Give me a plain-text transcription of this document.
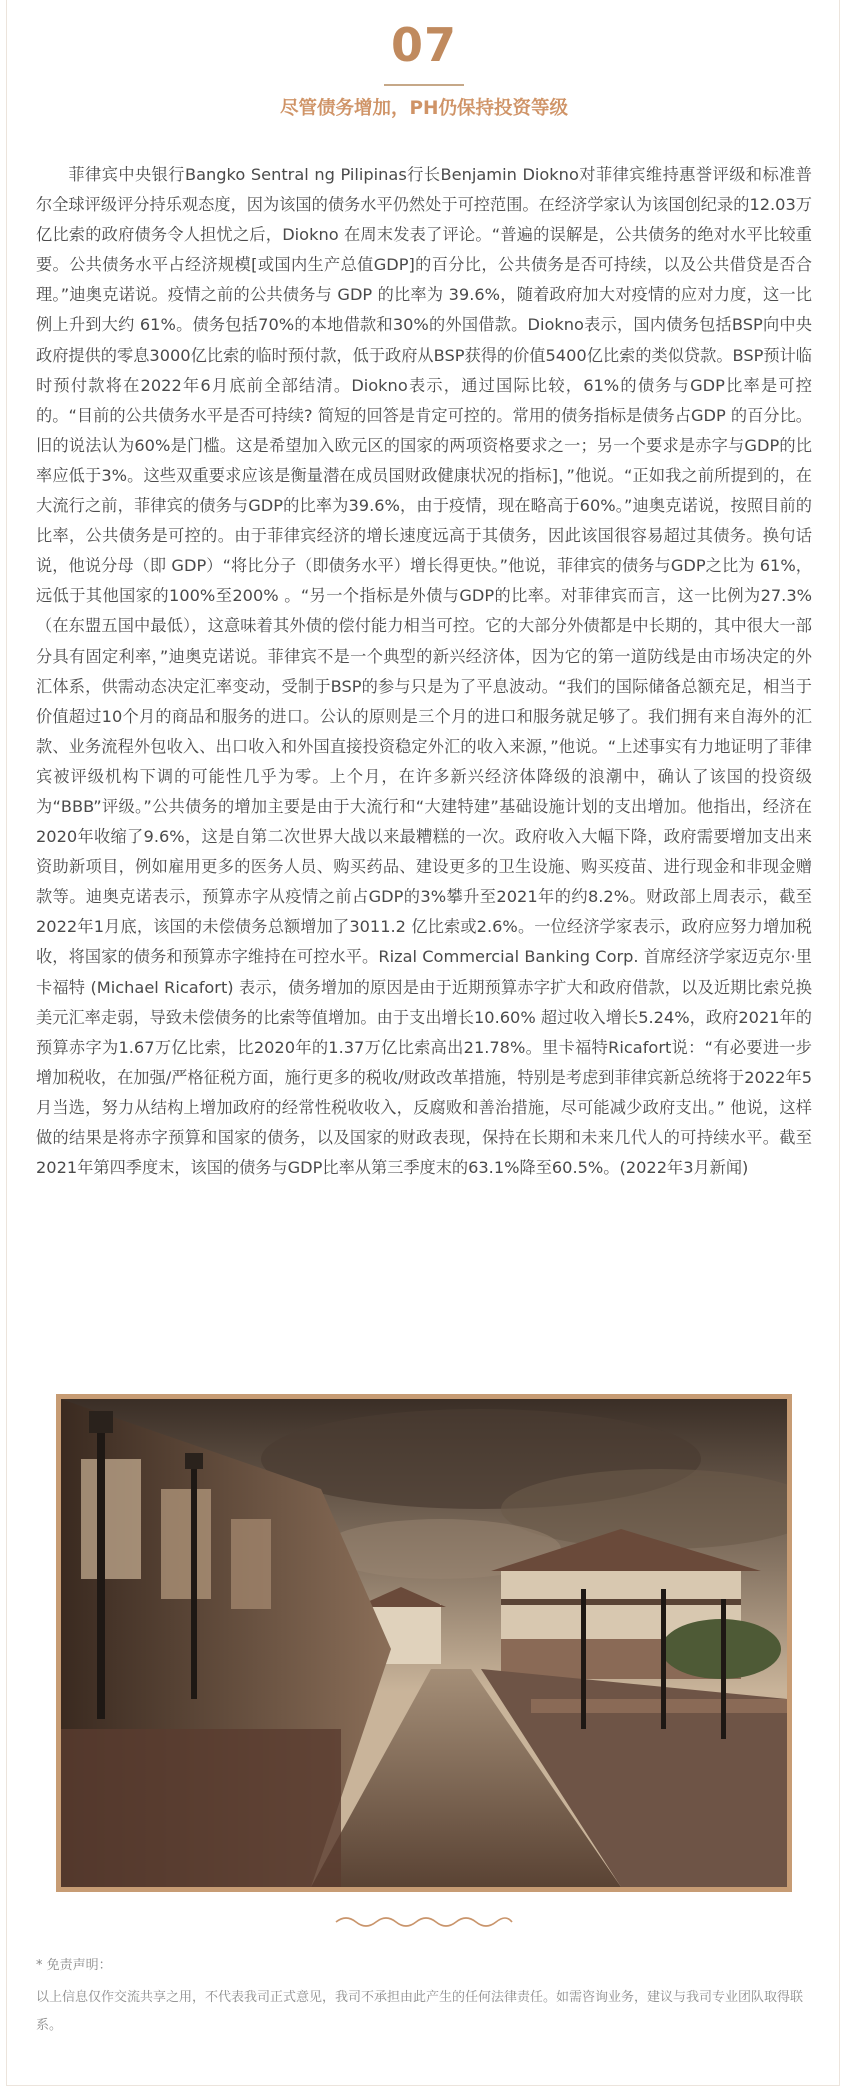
07
尽管债务增加，PH仍保持投资等级

菲律宾中央银行Bangko Sentral ng Pilipinas行长Benjamin Diokno对菲律宾维持惠誉评级和标准普尔全球评级评分持乐观态度，因为该国的债务水平仍然处于可控范围。在经济学家认为该国创纪录的12.03万亿比索的政府债务令人担忧之后，Diokno 在周末发表了评论。“普遍的误解是，公共债务的绝对水平比较重要。公共债务水平占经济规模[或国内生产总值GDP]的百分比，公共债务是否可持续，以及公共借贷是否合理。”迪奥克诺说。疫情之前的公共债务与 GDP 的比率为 39.6%，随着政府加大对疫情的应对力度，这一比例上升到大约 61%。债务包括70%的本地借款和30%的外国借款。Diokno表示，国内债务包括BSP向中央政府提供的零息3000亿比索的临时预付款，低于政府从BSP获得的价值5400亿比索的类似贷款。BSP预计临时预付款将在2022年6月底前全部结清。Diokno表示，通过国际比较，61%的债务与GDP比率是可控的。“目前的公共债务水平是否可持续? 简短的回答是肯定可控的。常用的债务指标是债务占GDP 的百分比。旧的说法认为60%是门槛。这是希望加入欧元区的国家的两项资格要求之一；另一个要求是赤字与GDP的比率应低于3%。这些双重要求应该是衡量潜在成员国财政健康状况的指标]，”他说。“正如我之前所提到的，在大流行之前，菲律宾的债务与GDP的比率为39.6%，由于疫情，现在略高于60%。”迪奥克诺说，按照目前的比率，公共债务是可控的。由于菲律宾经济的增长速度远高于其债务，因此该国很容易超过其债务。换句话说，他说分母（即 GDP）“将比分子（即债务水平）增长得更快。”他说，菲律宾的债务与GDP之比为 61%，远低于其他国家的100%至200% 。“另一个指标是外债与GDP的比率。对菲律宾而言，这一比例为27.3%（在东盟五国中最低），这意味着其外债的偿付能力相当可控。它的大部分外债都是中长期的，其中很大一部分具有固定利率，”迪奥克诺说。菲律宾不是一个典型的新兴经济体，因为它的第一道防线是由市场决定的外汇体系，供需动态决定汇率变动，受制于BSP的参与只是为了平息波动。“我们的国际储备总额充足，相当于价值超过10个月的商品和服务的进口。公认的原则是三个月的进口和服务就足够了。我们拥有来自海外的汇款、业务流程外包收入、出口收入和外国直接投资稳定外汇的收入来源，”他说。“上述事实有力地证明了菲律宾被评级机构下调的可能性几乎为零。上个月，在许多新兴经济体降级的浪潮中，确认了该国的投资级为“BBB”评级。”公共债务的增加主要是由于大流行和“大建特建”基础设施计划的支出增加。他指出，经济在2020年收缩了9.6%，这是自第二次世界大战以来最糟糕的一次。政府收入大幅下降，政府需要增加支出来资助新项目，例如雇用更多的医务人员、购买药品、建设更多的卫生设施、购买疫苗、进行现金和非现金赠款等。迪奥克诺表示，预算赤字从疫情之前占GDP的3%攀升至2021年的约8.2%。财政部上周表示，截至2022年1月底，该国的未偿债务总额增加了3011.2 亿比索或2.6%。一位经济学家表示，政府应努力增加税收，将国家的债务和预算赤字维持在可控水平。Rizal Commercial Banking Corp. 首席经济学家迈克尔·里卡福特 (Michael Ricafort) 表示，债务增加的原因是由于近期预算赤字扩大和政府借款，以及近期比索兑换美元汇率走弱，导致未偿债务的比索等值增加。由于支出增长10.60% 超过收入增长5.24%，政府2021年的预算赤字为1.67万亿比索，比2020年的1.37万亿比索高出21.78%。里卡福特Ricafort说：“有必要进一步增加税收，在加强/严格征税方面，施行更多的税收/财政改革措施，特别是考虑到菲律宾新总统将于2022年5月当选，努力从结构上增加政府的经常性税收收入，反腐败和善治措施，尽可能减少政府支出。” 他说，这样做的结果是将赤字预算和国家的债务，以及国家的财政表现，保持在长期和未来几代人的可持续水平。截至2021年第四季度末，该国的债务与GDP比率从第三季度末的63.1%降至60.5%。(2022年3月新闻)

* 免责声明：

以上信息仅作交流共享之用，不代表我司正式意见，我司不承担由此产生的任何法律责任。如需咨询业务，建议与我司专业团队取得联系。
